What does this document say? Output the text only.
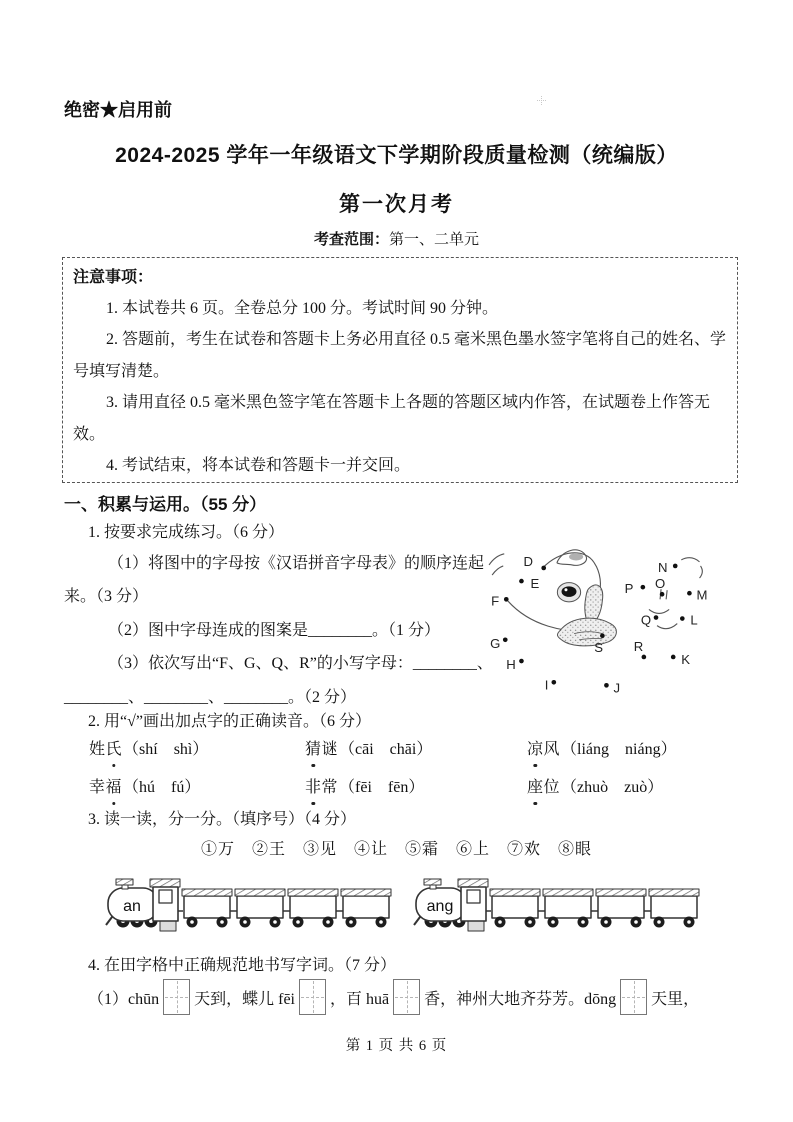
绝密★启用前
2024-2025 学年一年级语文下学期阶段质量检测（统编版）
第一次月考
考查范围：第一、二单元
注意事项：
1. 本试卷共 6 页。全卷总分 100 分。考试时间 90 分钟。
2. 答题前，考生在试卷和答题卡上务必用直径 0.5 毫米黑色墨水签字笔将自己的姓名、学
号填写清楚。
3. 请用直径 0.5 毫米黑色签字笔在答题卡上各题的答题区域内作答，在试题卷上作答无
效。
4. 考试结束，将本试卷和答题卡一并交回。
一、积累与运用。（55 分）
1. 按要求完成练习。（6 分）
（1）将图中的字母按《汉语拼音字母表》的顺序连起
来。（3 分）
（2）图中字母连成的图案是________。（1 分）
（3）依次写出“F、G、Q、R”的小写字母：________、
________、________、________。（2 分）
D
E
F
G
H
I	J
K
L
M
N
O
P
Q
R
S
2. 用“√”画出加点字的正确读音。（6 分）
姓氏（shí　shì）	猜谜（cāi　chāi）	凉风（liáng　niáng）
幸福（hú　fú）	非常（fēi　fēn）	座位（zhuò　zuò）
3. 读一读，分一分。（填序号）（4 分）
①万　②王　③见　④让　⑤霜　⑥上　⑦欢　⑧眼
an	ang
4. 在田字格中正确规范地书写字词。（7 分）
（1）chūn 天到，蝶儿 fēi ，百 huā 香，神州大地齐芬芳。dōng 天里，
第 1 页 共 6 页
